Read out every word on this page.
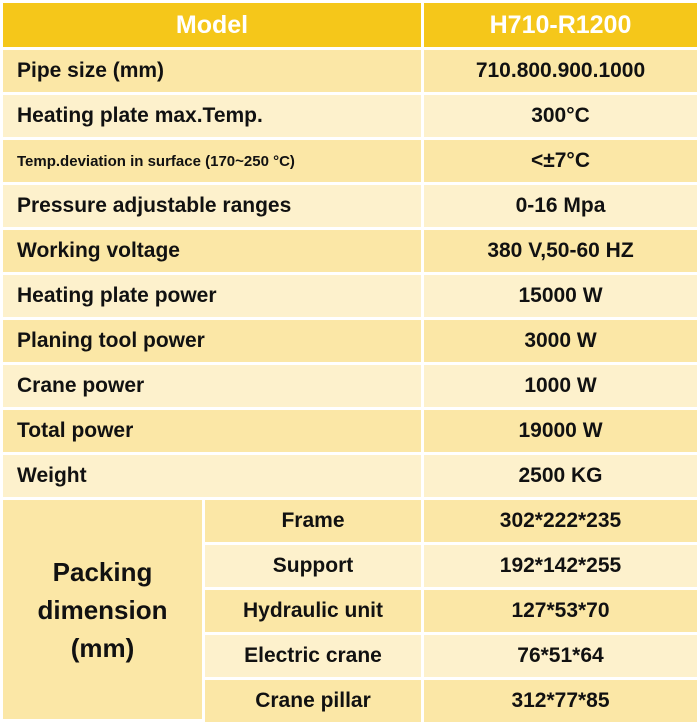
Model		H710-R1200
Pipe size (mm)		710.800.900.1000
Heating plate max.Temp.		300°C
Temp.deviation in surface (170~250 °C)		<±7°C
Pressure adjustable ranges		0-16 Mpa
Working voltage		380 V,50-60 HZ
Heating plate power		15000 W
Planing tool power		3000 W
Crane power		1000 W
Total power		19000 W
Weight		2500 KG

Packing
dimension
(mm)	Frame	302*222*235
	Support	192*142*255
	Hydraulic unit	127*53*70
	Electric crane	76*51*64
	Crane pillar	312*77*85
